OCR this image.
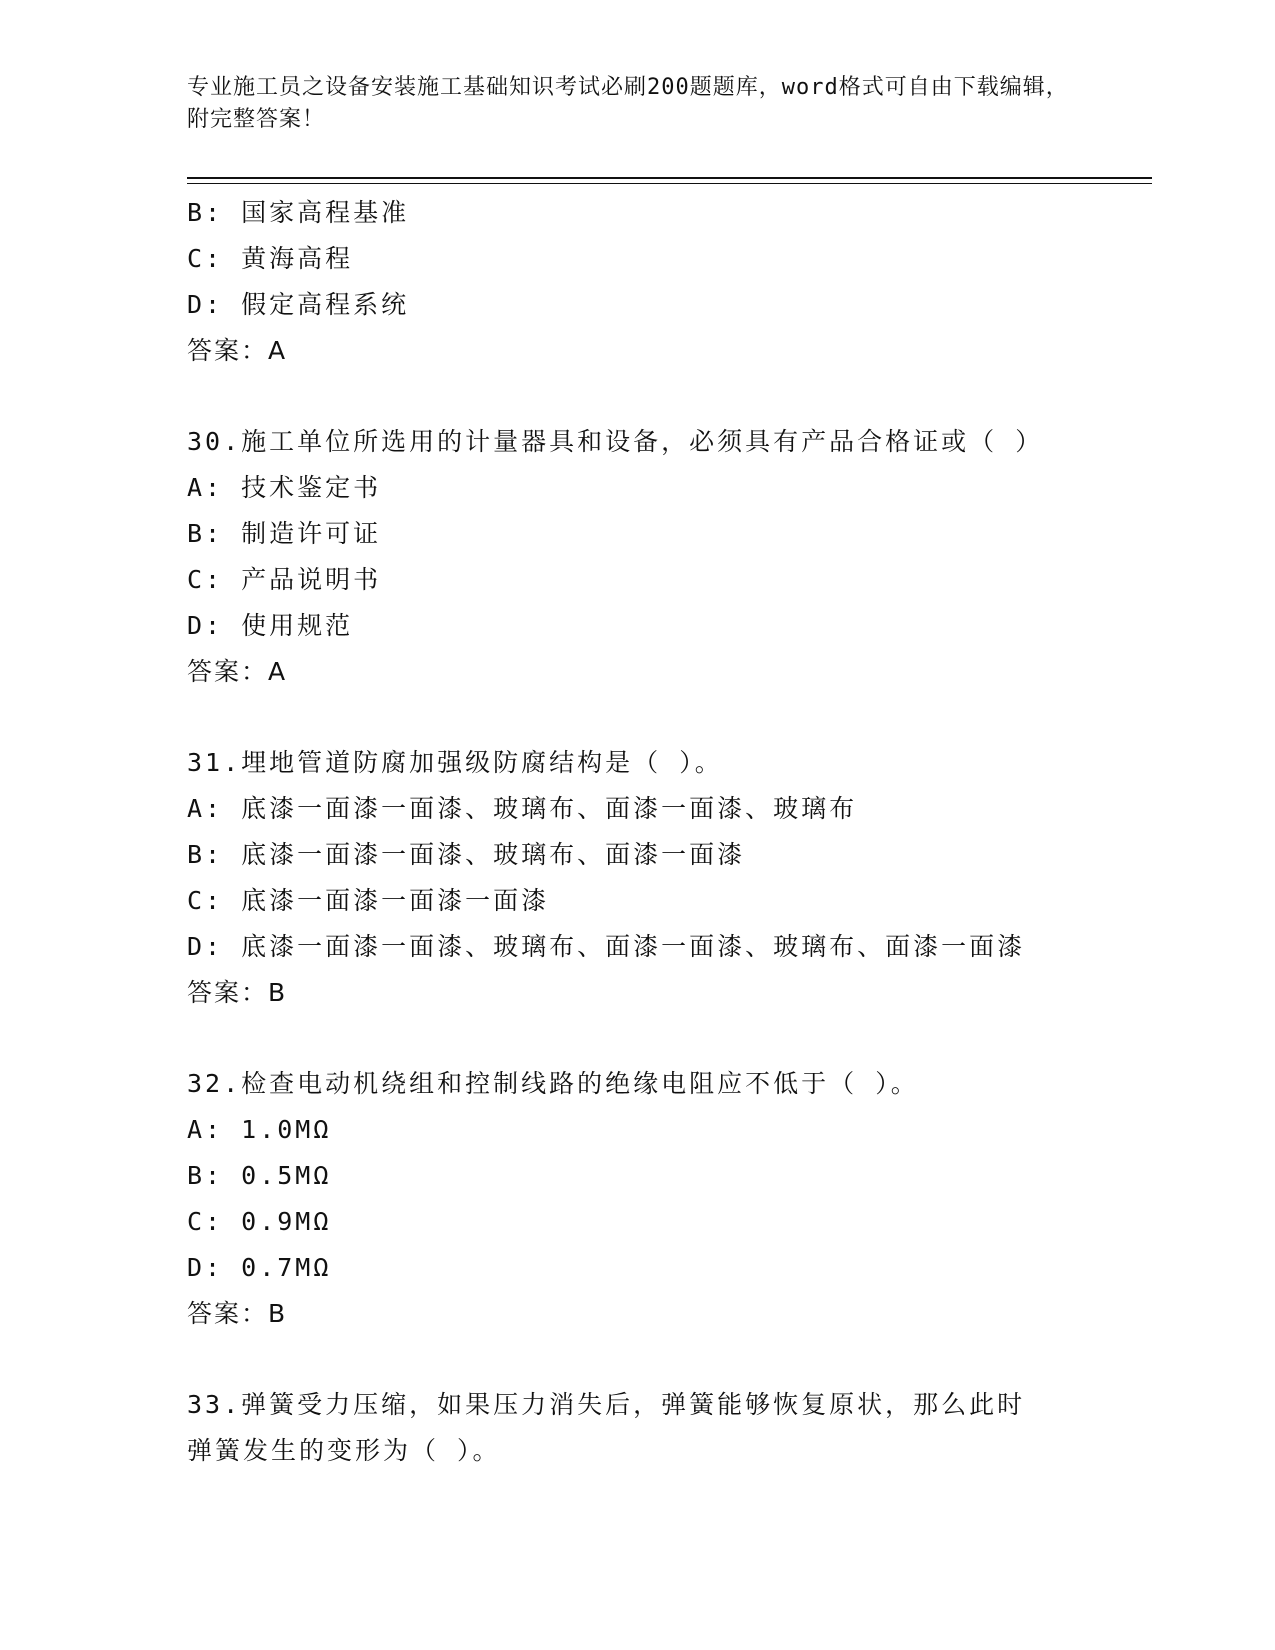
专业施工员之设备安装施工基础知识考试必刷200题题库，word格式可自由下载编辑，附完整答案！
B: 国家高程基准
C: 黄海高程
D: 假定高程系统
答案：A
30.施工单位所选用的计量器具和设备，必须具有产品合格证或（ ）
A: 技术鉴定书
B: 制造许可证
C: 产品说明书
D: 使用规范
答案：A
31.埋地管道防腐加强级防腐结构是（ ）。
A: 底漆一面漆一面漆、玻璃布、面漆一面漆、玻璃布
B: 底漆一面漆一面漆、玻璃布、面漆一面漆
C: 底漆一面漆一面漆一面漆
D: 底漆一面漆一面漆、玻璃布、面漆一面漆、玻璃布、面漆一面漆
答案：B
32.检查电动机绕组和控制线路的绝缘电阻应不低于（ ）。
A: 1.0MΩ
B: 0.5MΩ
C: 0.9MΩ
D: 0.7MΩ
答案：B
33.弹簧受力压缩，如果压力消失后，弹簧能够恢复原状，那么此时弹簧发生的变形为（ ）。
